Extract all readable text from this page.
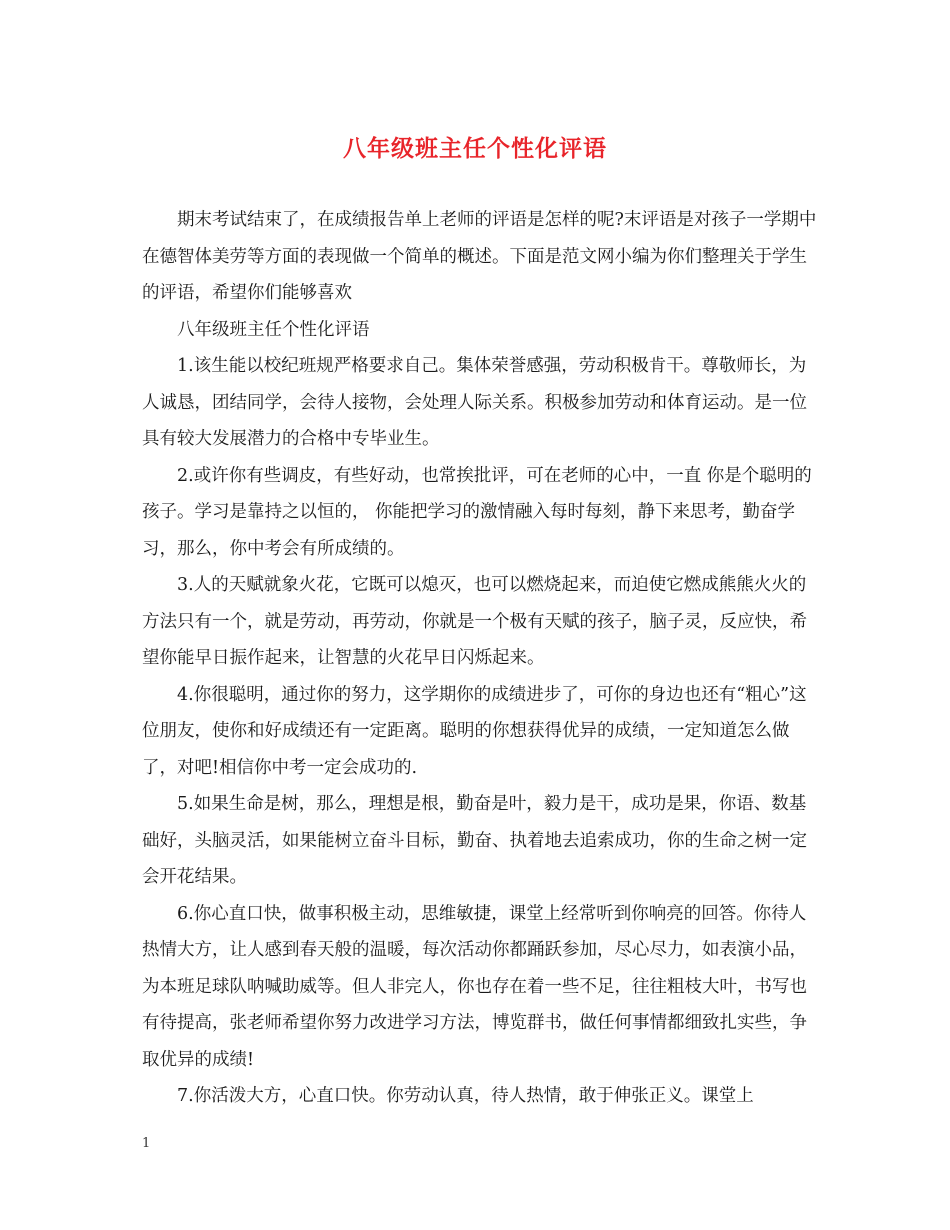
八年级班主任个性化评语

期末考试结束了，在成绩报告单上老师的评语是怎样的呢?末评语是对孩子一学期中在德智体美劳等方面的表现做一个简单的概述。下面是范文网小编为你们整理关于学生的评语，希望你们能够喜欢

八年级班主任个性化评语

1.该生能以校纪班规严格要求自己。集体荣誉感强，劳动积极肯干。尊敬师长，为人诚恳，团结同学，会待人接物，会处理人际关系。积极参加劳动和体育运动。是一位具有较大发展潜力的合格中专毕业生。

2.或许你有些调皮，有些好动，也常挨批评，可在老师的心中，一直 你是个聪明的孩子。学习是靠持之以恒的， 你能把学习的激情融入每时每刻，静下来思考，勤奋学习，那么，你中考会有所成绩的。

3.人的天赋就象火花，它既可以熄灭，也可以燃烧起来，而迫使它燃成熊熊火火的方法只有一个，就是劳动，再劳动，你就是一个极有天赋的孩子，脑子灵，反应快，希望你能早日振作起来，让智慧的火花早日闪烁起来。

4.你很聪明，通过你的努力，这学期你的成绩进步了，可你的身边也还有“粗心”这位朋友，使你和好成绩还有一定距离。聪明的你想获得优异的成绩，一定知道怎么做了，对吧!相信你中考一定会成功的.

5.如果生命是树，那么，理想是根，勤奋是叶，毅力是干，成功是果，你语、数基础好，头脑灵活，如果能树立奋斗目标，勤奋、执着地去追索成功，你的生命之树一定会开花结果。

6.你心直口快，做事积极主动，思维敏捷，课堂上经常听到你响亮的回答。你待人热情大方，让人感到春天般的温暖，每次活动你都踊跃参加，尽心尽力，如表演小品，为本班足球队呐喊助威等。但人非完人，你也存在着一些不足，往往粗枝大叶，书写也有待提高，张老师希望你努力改进学习方法，博览群书，做任何事情都细致扎实些，争取优异的成绩!

7.你活泼大方，心直口快。你劳动认真，待人热情，敢于伸张正义。课堂上

1
